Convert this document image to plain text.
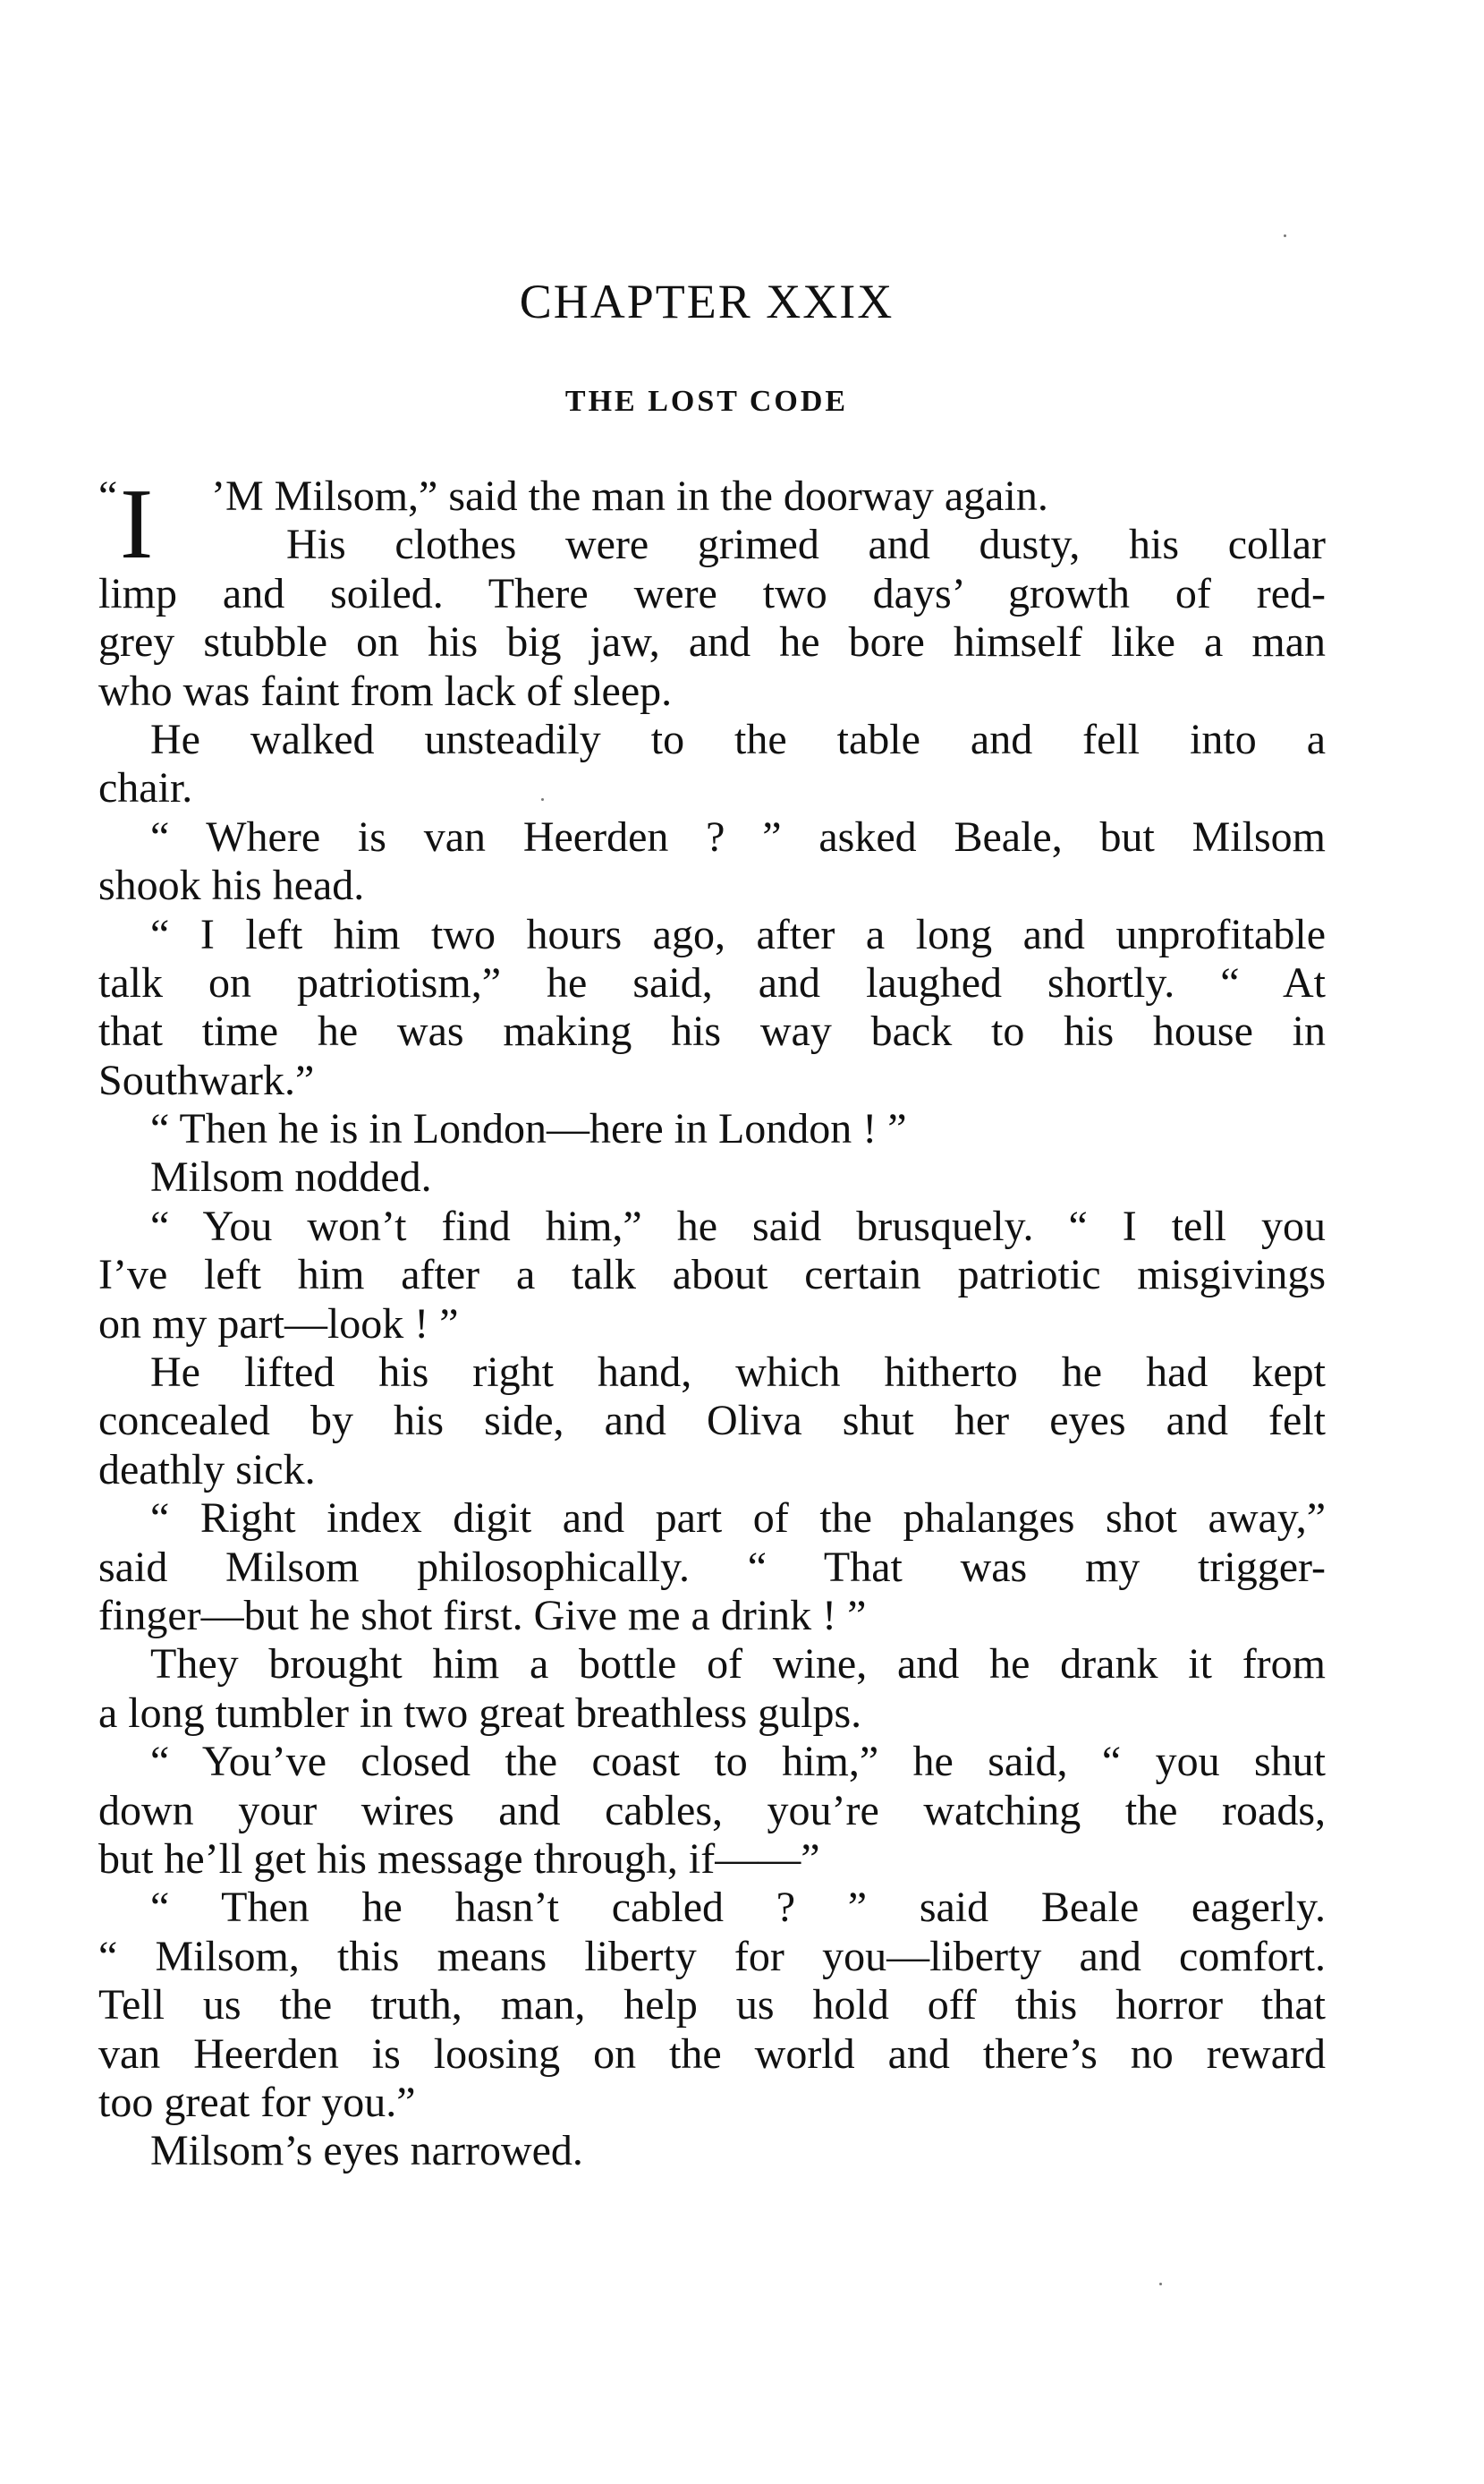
CHAPTER XXIX
THE LOST CODE
“ I ’M Milsom,” said the man in the doorway again.
His clothes were grimed and dusty, his collar
limp and soiled. There were two days’ growth of red-
grey stubble on his big jaw, and he bore himself like a man
who was faint from lack of sleep.
He walked unsteadily to the table and fell into a
chair.
“ Where is van Heerden ? ” asked Beale, but Milsom
shook his head.
“ I left him two hours ago, after a long and unprofitable
talk on patriotism,” he said, and laughed shortly. “ At
that time he was making his way back to his house in
Southwark.”
“ Then he is in London—here in London ! ”
Milsom nodded.
“ You won’t find him,” he said brusquely. “ I tell you
I’ve left him after a talk about certain patriotic misgivings
on my part—look ! ”
He lifted his right hand, which hitherto he had kept
concealed by his side, and Oliva shut her eyes and felt
deathly sick.
“ Right index digit and part of the phalanges shot away,”
said Milsom philosophically. “ That was my trigger-
finger—but he shot first. Give me a drink ! ”
They brought him a bottle of wine, and he drank it from
a long tumbler in two great breathless gulps.
“ You’ve closed the coast to him,” he said, “ you shut
down your wires and cables, you’re watching the roads,
but he’ll get his message through, if——”
“ Then he hasn’t cabled ? ” said Beale eagerly.
“ Milsom, this means liberty for you—liberty and comfort.
Tell us the truth, man, help us hold off this horror that
van Heerden is loosing on the world and there’s no reward
too great for you.”
Milsom’s eyes narrowed.
